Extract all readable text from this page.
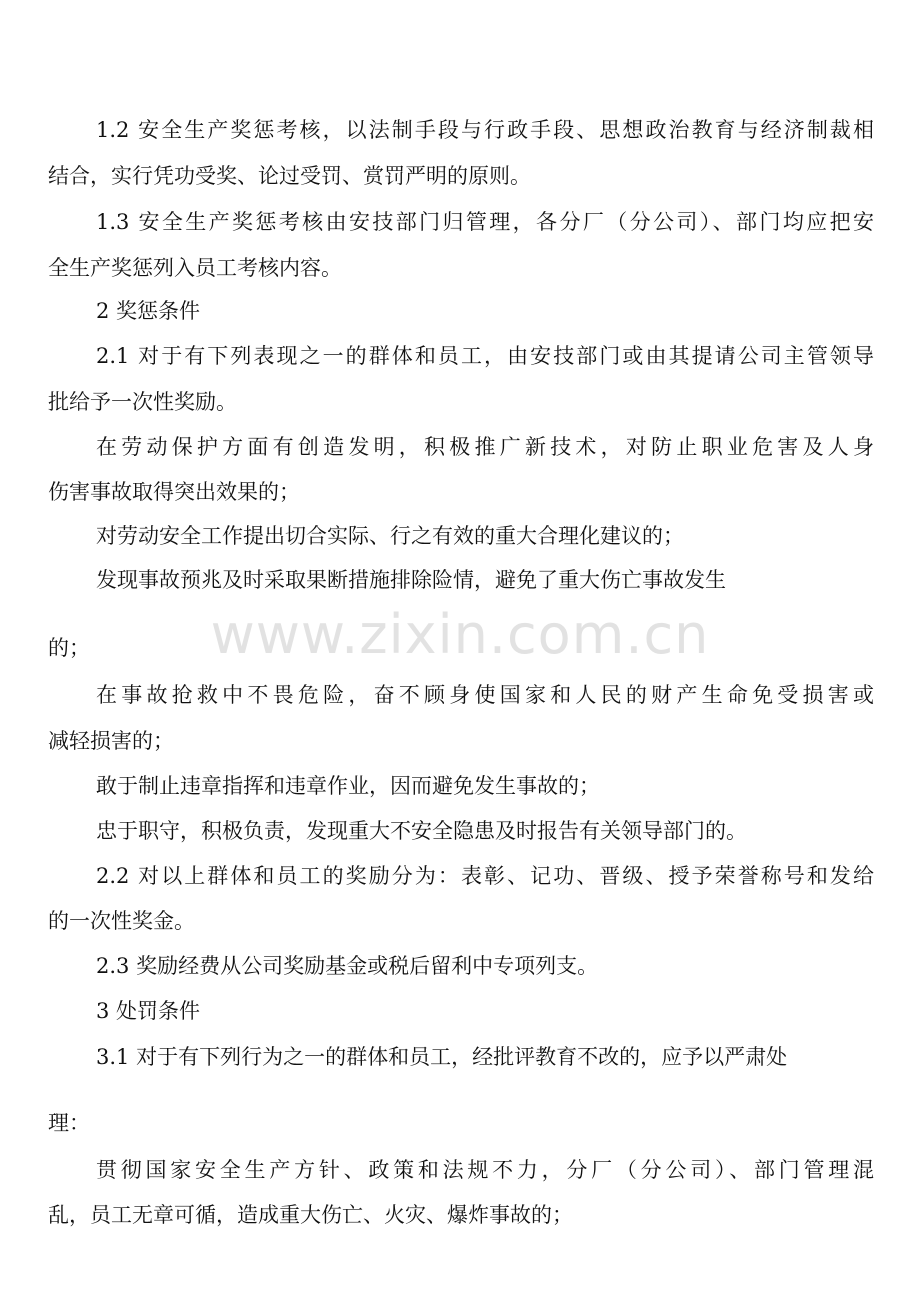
1.2 安全生产奖惩考核，以法制手段与行政手段、思想政治教育与经济制裁相
结合，实行凭功受奖、论过受罚、赏罚严明的原则。
1.3 安全生产奖惩考核由安技部门归管理，各分厂（分公司）、部门均应把安
全生产奖惩列入员工考核内容。
2 奖惩条件
2.1 对于有下列表现之一的群体和员工，由安技部门或由其提请公司主管领导
批给予一次性奖励。
在劳动保护方面有创造发明，积极推广新技术，对防止职业危害及人身
伤害事故取得突出效果的；
对劳动安全工作提出切合实际、行之有效的重大合理化建议的；
发现事故预兆及时采取果断措施排除险情，避免了重大伤亡事故发生
的；
在事故抢救中不畏危险，奋不顾身使国家和人民的财产生命免受损害或
减轻损害的；
敢于制止违章指挥和违章作业，因而避免发生事故的；
忠于职守，积极负责，发现重大不安全隐患及时报告有关领导部门的。
2.2 对以上群体和员工的奖励分为：表彰、记功、晋级、授予荣誉称号和发给
的一次性奖金。
2.3 奖励经费从公司奖励基金或税后留利中专项列支。
3 处罚条件
3.1 对于有下列行为之一的群体和员工，经批评教育不改的，应予以严肃处
理：
贯彻国家安全生产方针、政策和法规不力，分厂（分公司）、部门管理混
乱，员工无章可循，造成重大伤亡、火灾、爆炸事故的；
www.zixin.com.cn
